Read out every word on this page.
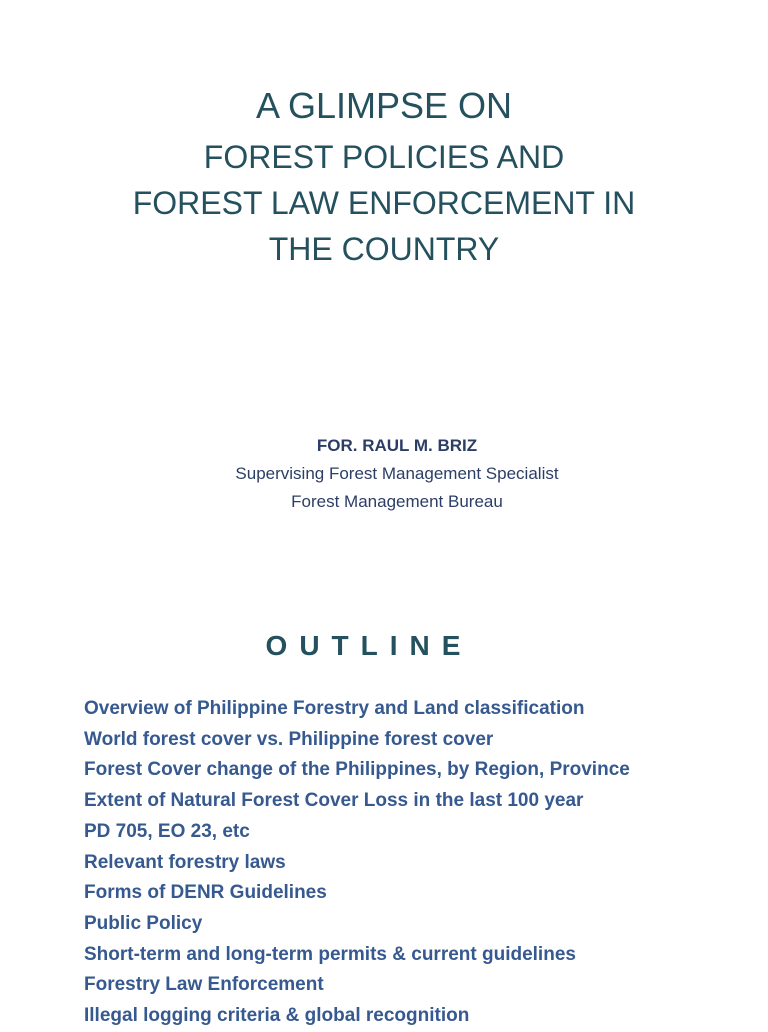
A GLIMPSE ON
FOREST POLICIES AND
FOREST LAW ENFORCEMENT IN
THE COUNTRY
FOR. RAUL M. BRIZ
Supervising Forest Management Specialist
Forest Management Bureau
OUTLINE
Overview of Philippine Forestry and Land classification
World forest cover vs. Philippine forest cover
Forest Cover change of the Philippines, by Region, Province
Extent of Natural Forest Cover Loss in the last 100 year
PD 705, EO 23, etc
Relevant forestry laws
Forms of DENR Guidelines
Public Policy
Short-term and long-term permits & current guidelines
Forestry Law Enforcement
Illegal logging criteria & global recognition
